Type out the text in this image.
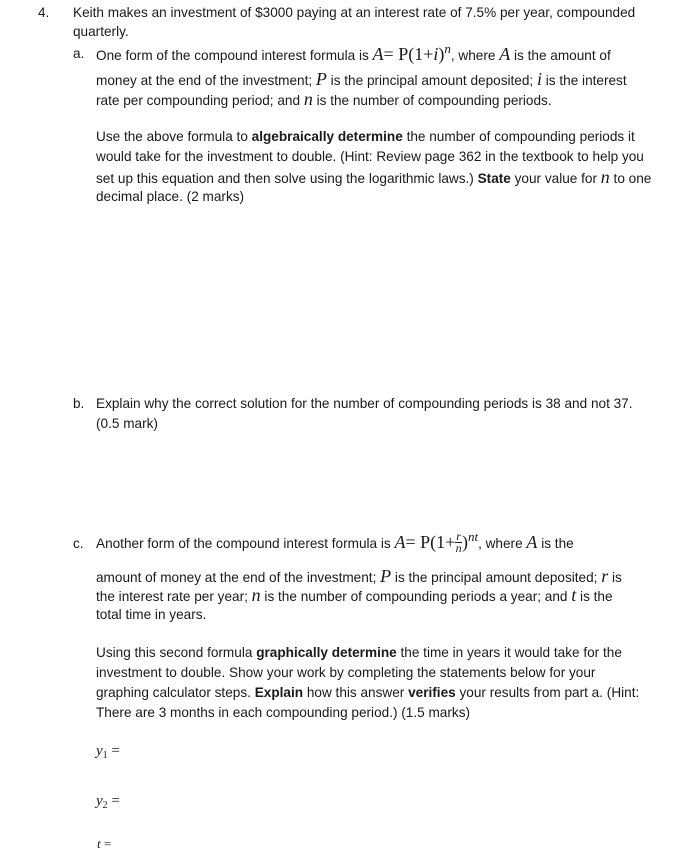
4. Keith makes an investment of $3000 paying at an interest rate of 7.5% per year, compounded
quarterly.
a. One form of the compound interest formula is A= P(1+i)n, where A is the amount of
money at the end of the investment; P is the principal amount deposited; i is the interest
rate per compounding period; and n is the number of compounding periods.
Use the above formula to algebraically determine the number of compounding periods it
would take for the investment to double. (Hint: Review page 362 in the textbook to help you
set up this equation and then solve using the logarithmic laws.) State your value for n to one
decimal place. (2 marks)
b. Explain why the correct solution for the number of compounding periods is 38 and not 37.
(0.5 mark)
c. Another form of the compound interest formula is $A= P(1+ \frac{r}{n} )nt$, where A is the
amount of money at the end of the investment; P is the principal amount deposited; r is
the interest rate per year; n is the number of compounding periods a year; and t is the
total time in years.
Using this second formula graphically determine the time in years it would take for the
investment to double. Show your work by completing the statements below for your
graphing calculator steps. Explain how this answer verifies your results from part a. (Hint:
There are 3 months in each compounding period.) (1.5 marks)
$y_1$ =
$y_2$ =
t =
